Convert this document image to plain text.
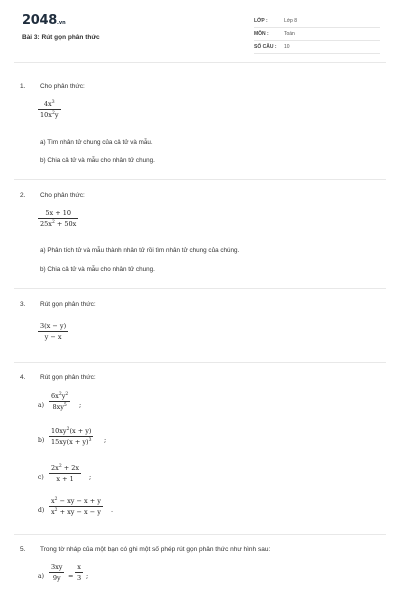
2048.vn
Bài 3: Rút gọn phân thức
LỚP :	Lớp 8
MÔN :	Toán
SỐ CÂU : 10
1.	Cho phân thức:
$4x^3$
$10x^2y$
a) Tìm nhân tử chung của cả tử và mẫu.
b) Chia cả tử và mẫu cho nhân tử chung.
2.	Cho phân thức:
5x + 10
$25x^2 + 50x$
a) Phân tích tử và mẫu thành nhân tử rồi tìm nhân tử chung của chúng.
b) Chia cả tử và mẫu cho nhân tử chung.
3.	Rút gọn phân thức:
3(x − y)
y − x
4.	Rút gọn phân thức:
a)
$6x^2y^2$
$8xy^5$	;
b)
$10xy^2(x + y)$
$15xy(x + y)^3$	;
c)
$2x^2 + 2x$
x + 1	;
d)
$x^2$ − xy − x + y
$x^2$ + xy − x − y	.
5.	Trong tờ nháp của một bạn có ghi một số phép rút gọn phân thức như hình sau:
a)
3xy
9y	=
x
3 ;
